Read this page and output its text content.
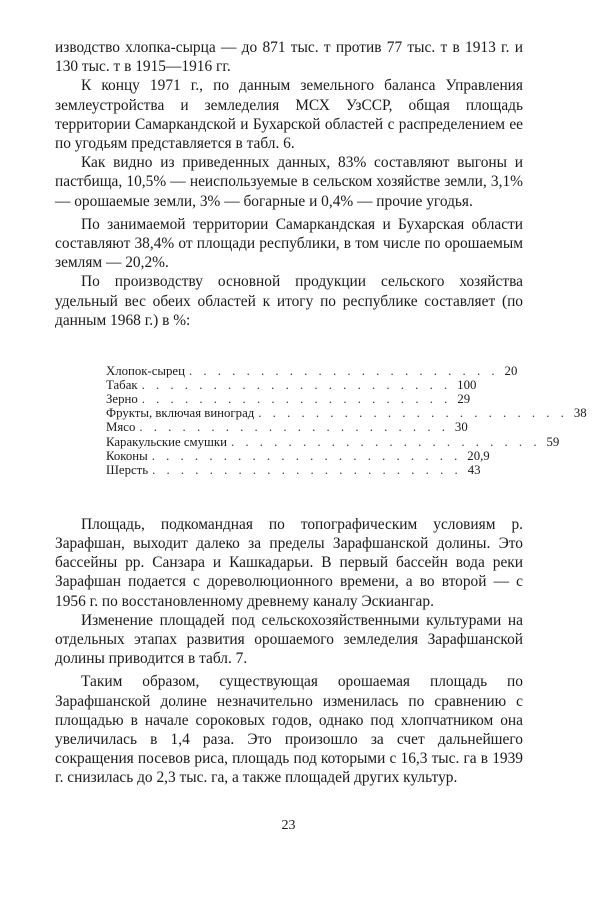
изводство хлопка-сырца — до 871 тыс. т против 77 тыс. т в 1913 г. и 130 тыс. т в 1915—1916 гг.

К концу 1971 г., по данным земельного баланса Управления землеустройства и земледелия МСХ УзССР, общая площадь территории Самаркандской и Бухарской областей с распределением ее по угодьям представляется в табл. 6.

Как видно из приведенных данных, 83% составляют выгоны и пастбища, 10,5% — неиспользуемые в сельском хозяйстве земли, 3,1% — орошаемые земли, 3% — богарные и 0,4% — прочие угодья.

По занимаемой территории Самаркандская и Бухарская области составляют 38,4% от площади республики, в том числе по орошаемым землям — 20,2%.

По производству основной продукции сельского хозяйства удельный вес обеих областей к итогу по республике составляет (по данным 1968 г.) в %:

Хлопок-сырец . . . . . . . . . . . . . . . . . . . . . . 20
Табак . . . . . . . . . . . . . . . . . . . . . . 100
Зерно . . . . . . . . . . . . . . . . . . . . . . 29
Фрукты, включая виноград . . . . . . . . . . . . . . . . . . . . . . 38
Мясо . . . . . . . . . . . . . . . . . . . . . . 30
Каракульские смушки . . . . . . . . . . . . . . . . . . . . . . 59
Коконы . . . . . . . . . . . . . . . . . . . . . . 20,9
Шерсть . . . . . . . . . . . . . . . . . . . . . . 43

Площадь, подкомандная по топографическим условиям р. Зарафшан, выходит далеко за пределы Зарафшанской долины. Это бассейны рр. Санзара и Кашкадарьи. В первый бассейн вода реки Зарафшан подается с дореволюционного времени, а во второй — с 1956 г. по восстановленному древнему каналу Эскиангар.

Изменение площадей под сельскохозяйственными культурами на отдельных этапах развития орошаемого земледелия Зарафшанской долины приводится в табл. 7.

Таким образом, существующая орошаемая площадь по Зарафшанской долине незначительно изменилась по сравнению с площадью в начале сороковых годов, однако под хлопчатником она увеличилась в 1,4 раза. Это произошло за счет дальнейшего сокращения посевов риса, площадь под которыми с 16,3 тыс. га в 1939 г. снизилась до 2,3 тыс. га, а также площадей других культур.

23
